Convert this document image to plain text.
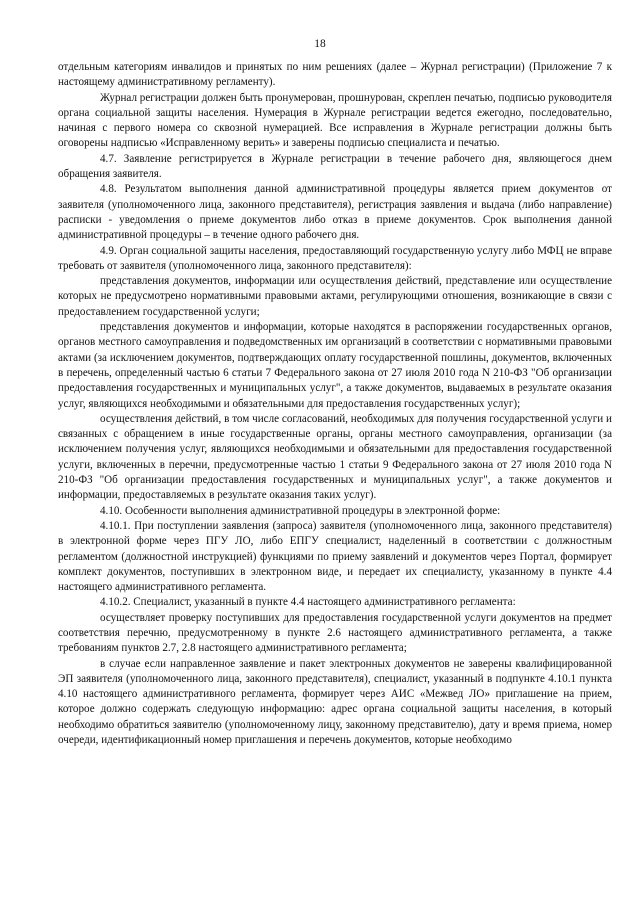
18

отдельным категориям инвалидов и принятых по ним решениях (далее – Журнал регистрации) (Приложение 7 к настоящему административному регламенту).

Журнал регистрации должен быть пронумерован, прошнурован, скреплен печатью, подписью руководителя органа социальной защиты населения. Нумерация в Журнале регистрации ведется ежегодно, последовательно, начиная с первого номера со сквозной нумерацией. Все исправления в Журнале регистрации должны быть оговорены надписью «Исправленному верить» и заверены подписью специалиста и печатью.

4.7. Заявление регистрируется в Журнале регистрации в течение рабочего дня, являющегося днем обращения заявителя.

4.8. Результатом выполнения данной административной процедуры является прием документов от заявителя (уполномоченного лица, законного представителя), регистрация заявления и выдача (либо направление) расписки - уведомления о приеме документов либо отказ в приеме документов. Срок выполнения данной административной процедуры – в течение одного рабочего дня.

4.9. Орган социальной защиты населения, предоставляющий государственную услугу либо МФЦ не вправе требовать от заявителя (уполномоченного лица, законного представителя):

представления документов, информации или осуществления действий, представление или осуществление которых не предусмотрено нормативными правовыми актами, регулирующими отношения, возникающие в связи с предоставлением государственной услуги;

представления документов и информации, которые находятся в распоряжении государственных органов, органов местного самоуправления и подведомственных им организаций в соответствии с нормативными правовыми актами (за исключением документов, подтверждающих оплату государственной пошлины, документов, включенных в перечень, определенный частью 6 статьи 7 Федерального закона от 27 июля 2010 года N 210-ФЗ "Об организации предоставления государственных и муниципальных услуг", а также документов, выдаваемых в результате оказания услуг, являющихся необходимыми и обязательными для предоставления государственных услуг);

осуществления действий, в том числе согласований, необходимых для получения государственной услуги и связанных с обращением в иные государственные органы, органы местного самоуправления, организации (за исключением получения услуг, являющихся необходимыми и обязательными для предоставления государственной услуги, включенных в перечни, предусмотренные частью 1 статьи 9 Федерального закона от 27 июля 2010 года N 210-ФЗ "Об организации предоставления государственных и муниципальных услуг", а также документов и информации, предоставляемых в результате оказания таких услуг).

4.10. Особенности выполнения административной процедуры в электронной форме:

4.10.1. При поступлении заявления (запроса) заявителя (уполномоченного лица, законного представителя) в электронной форме через ПГУ ЛО, либо ЕПГУ специалист, наделенный в соответствии с должностным регламентом (должностной инструкцией) функциями по приему заявлений и документов через Портал, формирует комплект документов, поступивших в электронном виде, и передает их специалисту, указанному в пункте 4.4 настоящего административного регламента.

4.10.2. Специалист, указанный в пункте 4.4 настоящего административного регламента:

осуществляет проверку поступивших для предоставления государственной услуги документов на предмет соответствия перечню, предусмотренному в пункте 2.6 настоящего административного регламента, а также требованиям пунктов 2.7, 2.8 настоящего административного регламента;

в случае если направленное заявление и пакет электронных документов не заверены квалифицированной ЭП заявителя (уполномоченного лица, законного представителя), специалист, указанный в подпункте 4.10.1 пункта 4.10 настоящего административного регламента, формирует через АИС «Межвед ЛО» приглашение на прием, которое должно содержать следующую информацию: адрес органа социальной защиты населения, в который необходимо обратиться заявителю (уполномоченному лицу, законному представителю), дату и время приема, номер очереди, идентификационный номер приглашения и перечень документов, которые необходимо
